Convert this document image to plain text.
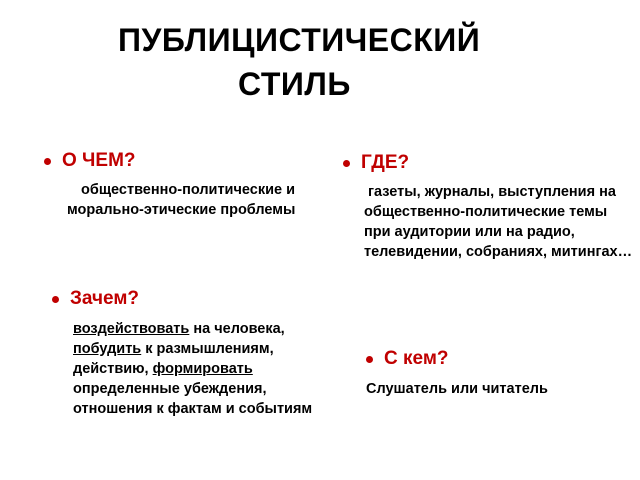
ПУБЛИЦИСТИЧЕСКИЙ
СТИЛЬ
О ЧЕМ?

общественно-политические и морально-этические проблемы

ГДЕ?

газеты, журналы, выступления на общественно-политические темы при аудитории или на радио, телевидении, собраниях, митингах…

Зачем?

воздействовать на человека, побудить к размышлениям, действию, формировать определенные убеждения, отношения к фактам и событиям

С кем?

Слушатель или читатель
